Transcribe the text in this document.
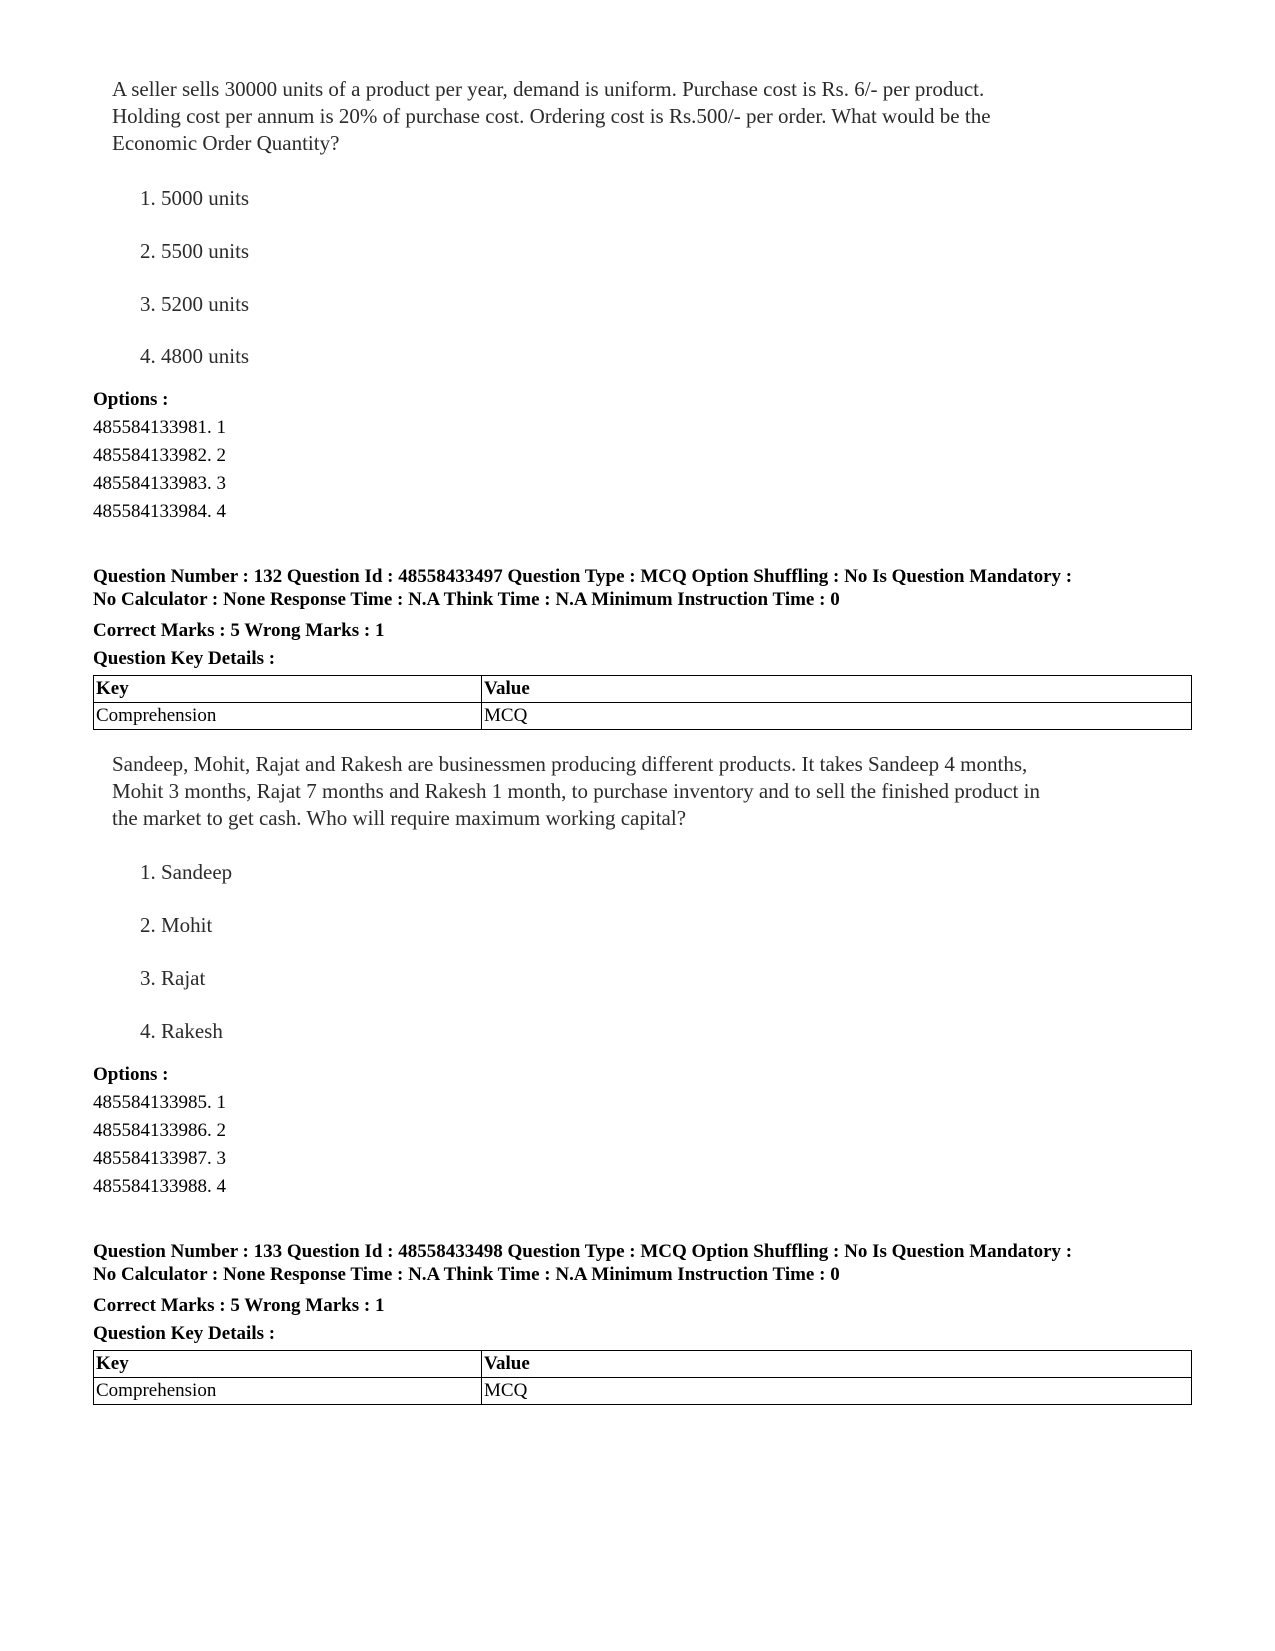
A seller sells 30000 units of a product per year, demand is uniform. Purchase cost is Rs. 6/- per product.
Holding cost per annum is 20% of purchase cost. Ordering cost is Rs.500/- per order. What would be the
Economic Order Quantity?
1. 5000 units
2. 5500 units
3. 5200 units
4. 4800 units
Options :
485584133981. 1
485584133982. 2
485584133983. 3
485584133984. 4
Question Number : 132 Question Id : 48558433497 Question Type : MCQ Option Shuffling : No Is Question Mandatory :
No Calculator : None Response Time : N.A Think Time : N.A Minimum Instruction Time : 0
Correct Marks : 5 Wrong Marks : 1
Question Key Details :
Key	Value
Comprehension	MCQ
Sandeep, Mohit, Rajat and Rakesh are businessmen producing different products. It takes Sandeep 4 months,
Mohit 3 months, Rajat 7 months and Rakesh 1 month, to purchase inventory and to sell the finished product in
the market to get cash. Who will require maximum working capital?
1. Sandeep
2. Mohit
3. Rajat
4. Rakesh
Options :
485584133985. 1
485584133986. 2
485584133987. 3
485584133988. 4
Question Number : 133 Question Id : 48558433498 Question Type : MCQ Option Shuffling : No Is Question Mandatory :
No Calculator : None Response Time : N.A Think Time : N.A Minimum Instruction Time : 0
Correct Marks : 5 Wrong Marks : 1
Question Key Details :
Key	Value
Comprehension	MCQ
